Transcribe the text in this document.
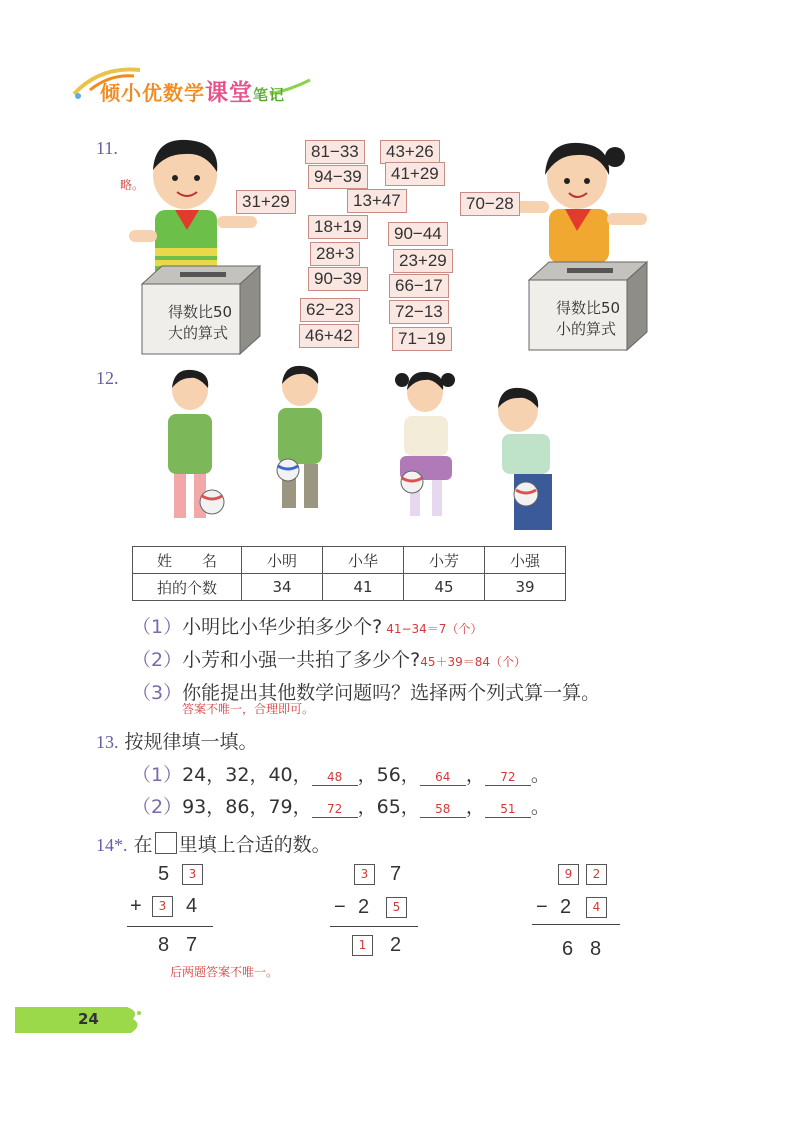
倾小优数学课堂笔记
11.
略。
31+29
得数比50
大的算式
81−33	43+26
94−39	41+29
13+47
18+19	90−44
28+3	23+29
90−39	66−17
62−23	72−13
46+42	71−19
70−28
得数比50
小的算式
12.
姓　　名	小明	小华	小芳	小强
拍的个数	34	41	45	39
（1）小明比小华少拍多少个? 41−34＝7（个）
（2）小芳和小强一共拍了多少个?45＋39＝84（个）
（3）你能提出其他数学问题吗？选择两个列式算一算。
答案不唯一，合理即可。
13. 按规律填一填。
（1）24，32，40， 48 ，56， 64 ， 72 。
（2）93，86，79， 72 ，65， 58 ， 51 。
14*. 在 里填上合适的数。
5	3
+	3 4
8 7
后两题答案不唯一。
3	7
− 2	5
1	2
9	2
− 2	4
6 8
24
